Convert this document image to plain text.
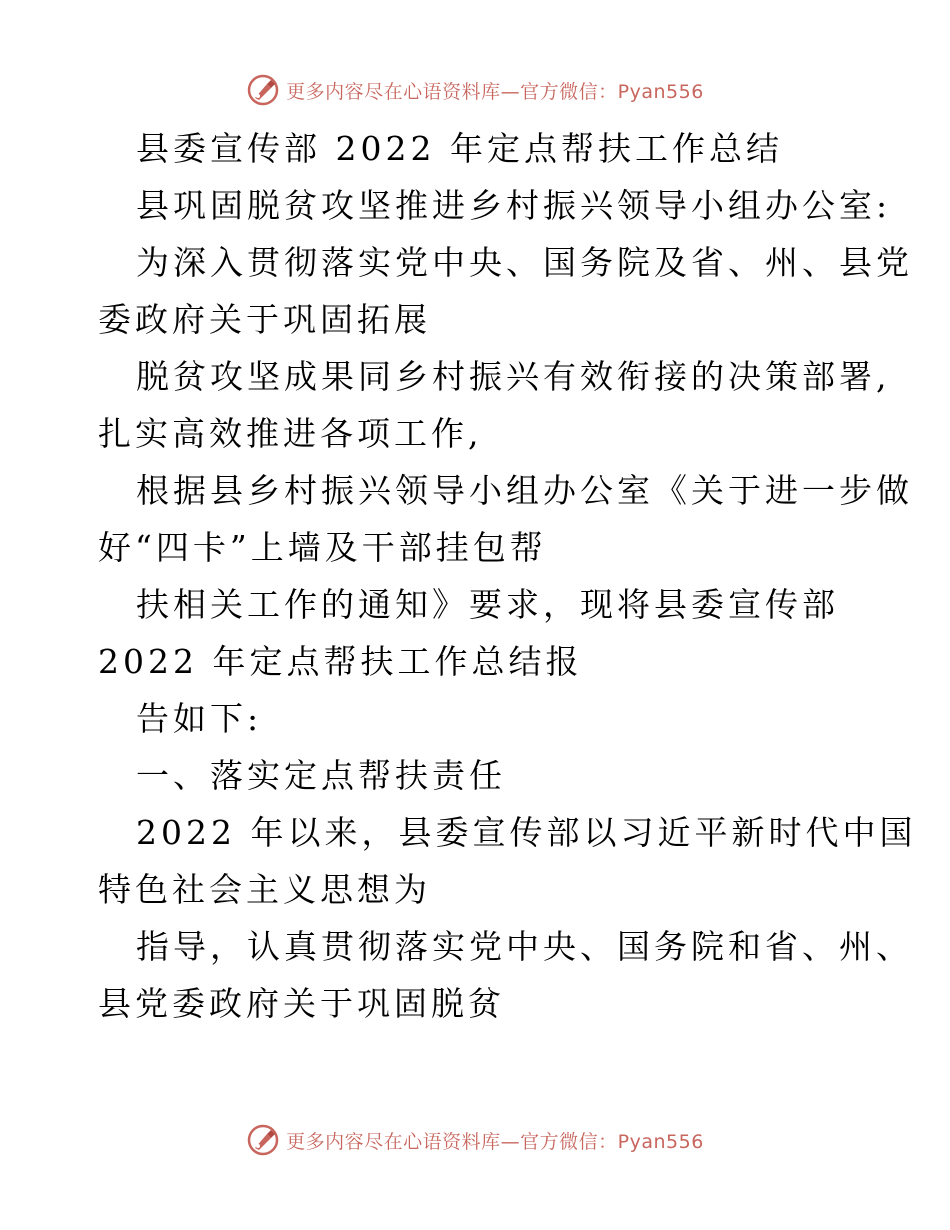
更多内容尽在心语资料库—官方微信：Pyan556
县委宣传部 2022 年定点帮扶工作总结
县巩固脱贫攻坚推进乡村振兴领导小组办公室:
为深入贯彻落实党中央、国务院及省、州、县党
委政府关于巩固拓展
脱贫攻坚成果同乡村振兴有效衔接的决策部署,
扎实高效推进各项工作,
根据县乡村振兴领导小组办公室《关于进一步做
好“四卡”上墙及干部挂包帮
扶相关工作的通知》要求，现将县委宣传部
2022 年定点帮扶工作总结报
告如下:
一、落实定点帮扶责任
2022 年以来，县委宣传部以习近平新时代中国
特色社会主义思想为
指导，认真贯彻落实党中央、国务院和省、州、
县党委政府关于巩固脱贫
更多内容尽在心语资料库—官方微信：Pyan556
